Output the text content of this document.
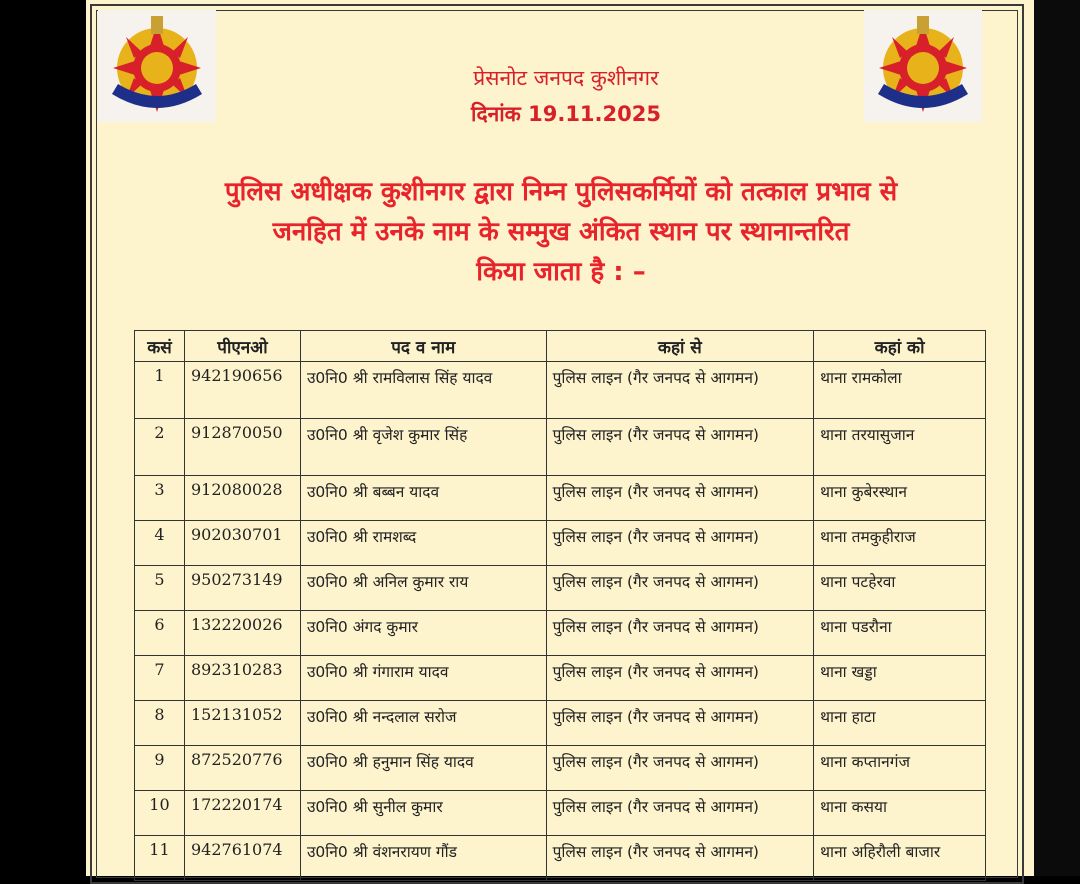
प्रेसनोट जनपद कुशीनगर
दिनांक 19.11.2025
पुलिस अधीक्षक कुशीनगर द्वारा निम्न पुलिसकर्मियों को तत्काल प्रभाव से
जनहित में उनके नाम के सम्मुख अंकित स्थान पर स्थानान्तरित
किया जाता है : –
कसं	पीएनओ	पद व नाम	कहां से	कहां को
1	942190656	उ0नि0 श्री रामविलास सिंह यादव	पुलिस लाइन (गैर जनपद से आगमन)	थाना रामकोला
2	912870050	उ0नि0 श्री वृजेश कुमार सिंह	पुलिस लाइन (गैर जनपद से आगमन)	थाना तरयासुजान
3	912080028	उ0नि0 श्री बब्बन यादव	पुलिस लाइन (गैर जनपद से आगमन)	थाना कुबेरस्थान
4	902030701	उ0नि0 श्री रामशब्द	पुलिस लाइन (गैर जनपद से आगमन)	थाना तमकुहीराज
5	950273149	उ0नि0 श्री अनिल कुमार राय	पुलिस लाइन (गैर जनपद से आगमन)	थाना पटहेरवा
6	132220026	उ0नि0 अंगद कुमार	पुलिस लाइन (गैर जनपद से आगमन)	थाना पडरौना
7	892310283	उ0नि0 श्री गंगाराम यादव	पुलिस लाइन (गैर जनपद से आगमन)	थाना खड्डा
8	152131052	उ0नि0 श्री नन्दलाल सरोज	पुलिस लाइन (गैर जनपद से आगमन)	थाना हाटा
9	872520776	उ0नि0 श्री हनुमान सिंह यादव	पुलिस लाइन (गैर जनपद से आगमन)	थाना कप्तानगंज
10	172220174	उ0नि0 श्री सुनील कुमार	पुलिस लाइन (गैर जनपद से आगमन)	थाना कसया
11	942761074	उ0नि0 श्री वंशनरायण गौंड	पुलिस लाइन (गैर जनपद से आगमन)	थाना अहिरौली बाजार
